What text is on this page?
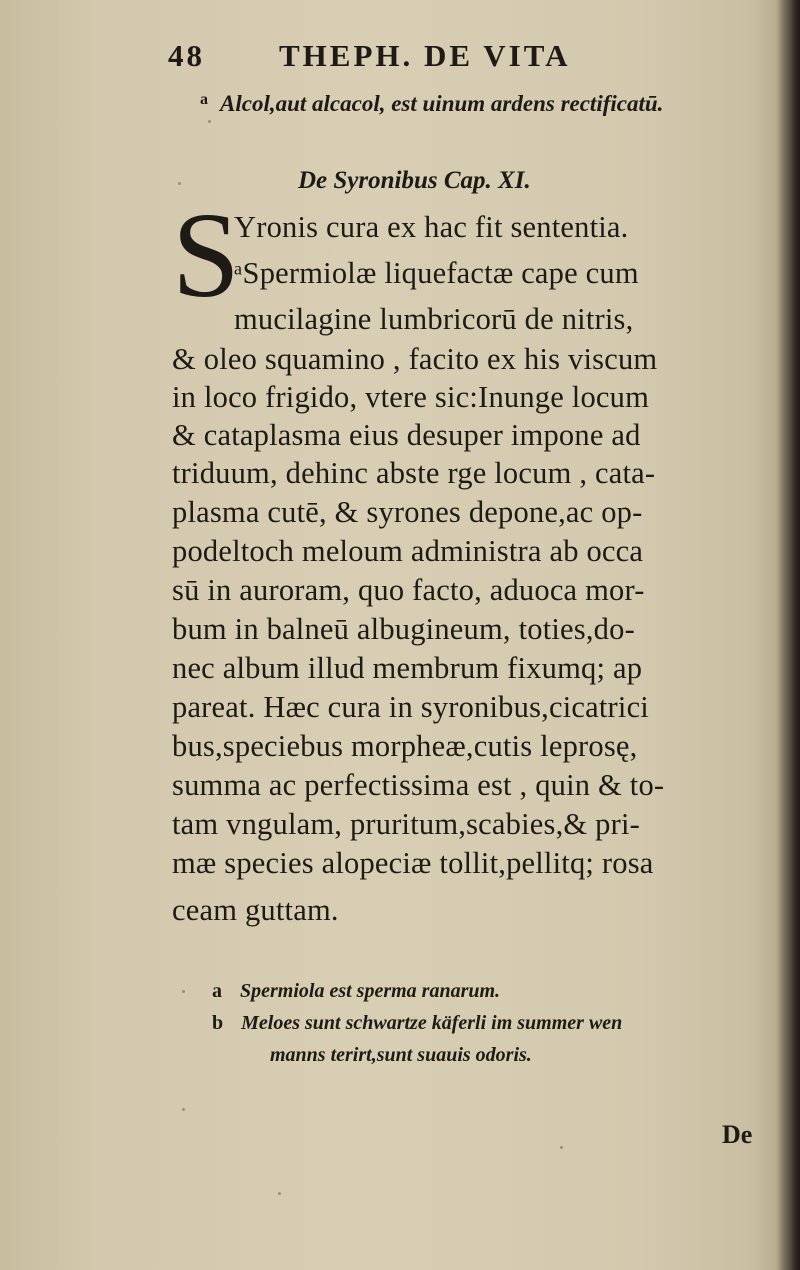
48 THEPH. DE VITA
$^a$ Alcol,aut alcacol, est uinum ardens rectificatū.
De Syronibus Cap. XI.
S
Yronis cura ex hac fit sententia.
ᵃSpermiolæ liquefactæ cape cum
mucilagine lumbricorū de nitris,
& oleo squamino , facito ex his viscum
in loco frigido, vtere sic:Inunge locum
& cataplasma eius desuper impone ad
triduum, dehinc abste rge locum , cata-
plasma cutē, & syrones depone,ac op-
podeltoch meloum administra ab occa
sū in auroram, quo facto, aduoca mor-
bum in balneū albugineum, toties,do-
nec album illud membrum fixumq; ap
pareat. Hæc cura in syronibus,cicatrici
bus,speciebus morpheæ,cutis leprosę,
summa ac perfectissima est , quin & to-
tam vngulam, pruritum,scabies,& pri-
mæ species alopeciæ tollit,pellitq; rosa
ceam guttam.
a Spermiola est sperma ranarum.
b Meloes sunt schwartze käferli im summer wen
manns terirt,sunt suauis odoris.
De
